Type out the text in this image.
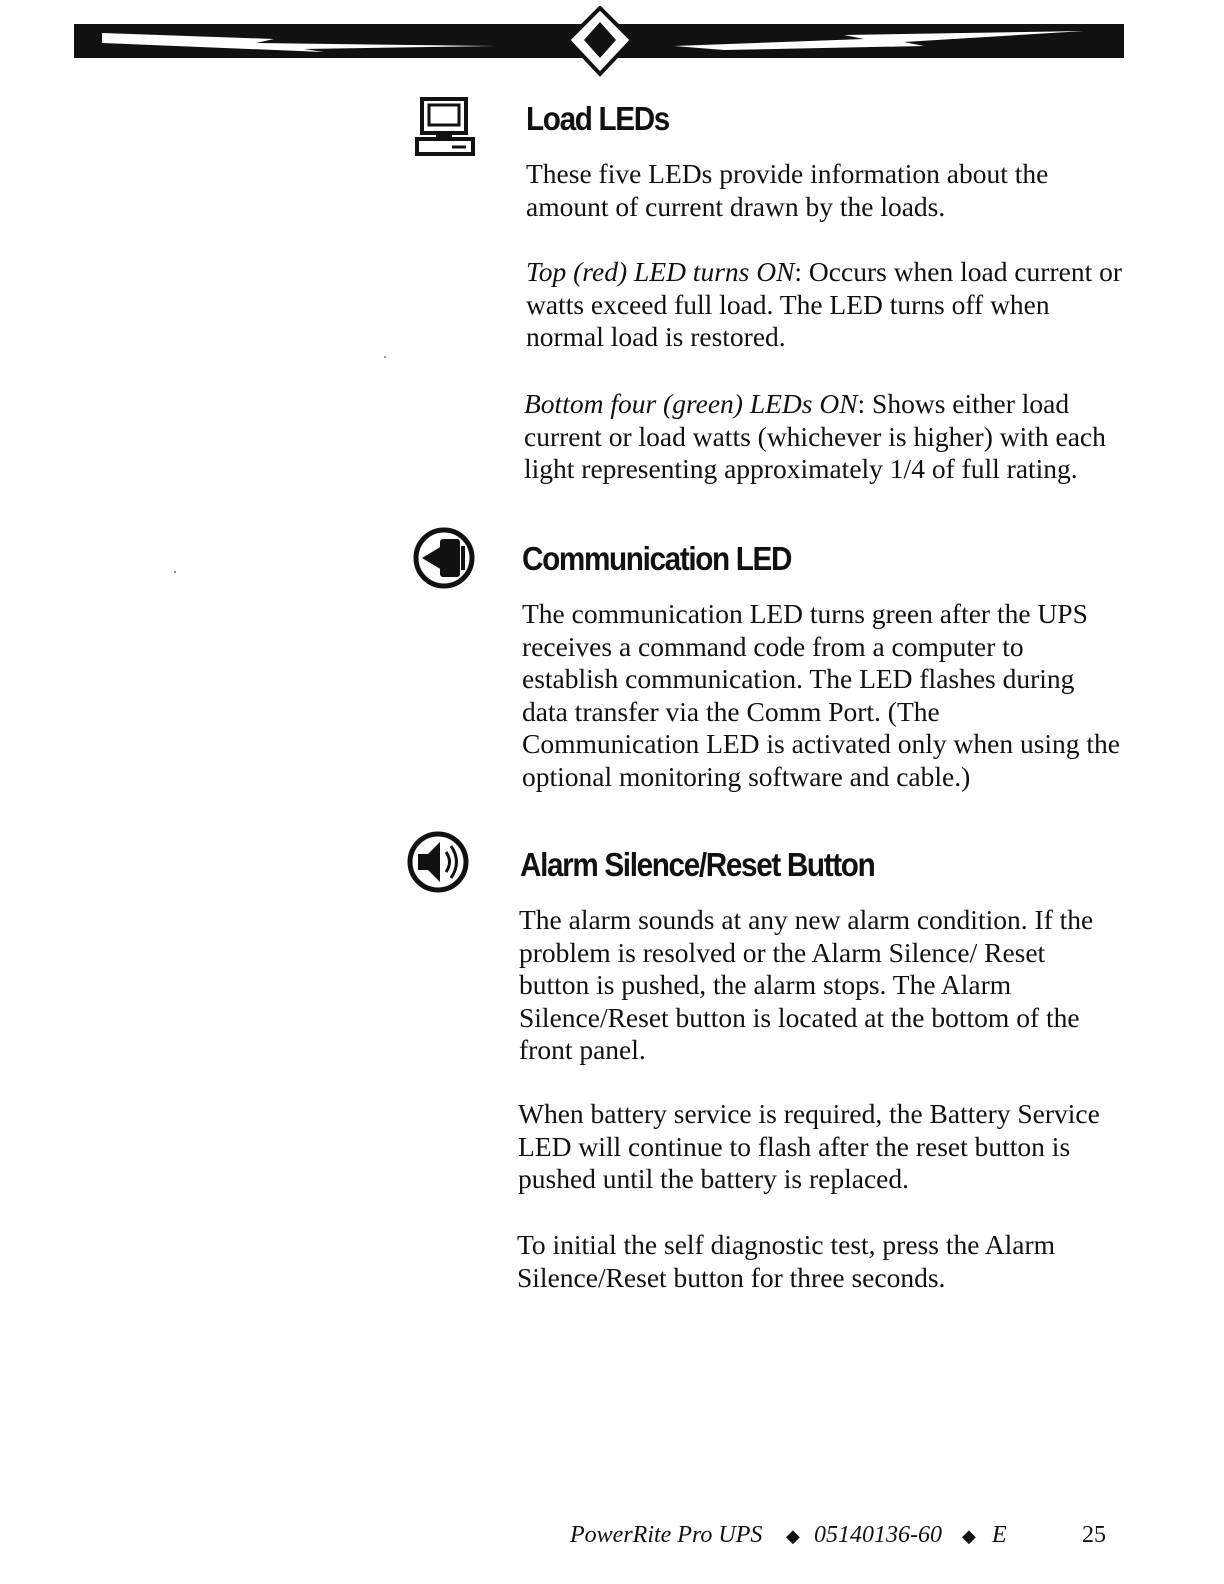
Load LEDs

These five LEDs provide information about the amount of current drawn by the loads.

Top (red) LED turns ON: Occurs when load current or watts exceed full load. The LED turns off when normal load is restored.

Bottom four (green) LEDs ON: Shows either load current or load watts (whichever is higher) with each light representing approximately 1/4 of full rating.

Communication LED

The communication LED turns green after the UPS receives a command code from a computer to establish communication. The LED flashes during data transfer via the Comm Port. (The Communication LED is activated only when using the optional monitoring software and cable.)

Alarm Silence/Reset Button

The alarm sounds at any new alarm condition. If the problem is resolved or the Alarm Silence/ Reset button is pushed, the alarm stops. The Alarm Silence/Reset button is located at the bottom of the front panel.

When battery service is required, the Battery Service LED will continue to flash after the reset button is pushed until the battery is replaced.

To initial the self diagnostic test, press the Alarm Silence/Reset button for three seconds.

PowerRite Pro UPS ◆ 05140136-60 ◆ E	25
